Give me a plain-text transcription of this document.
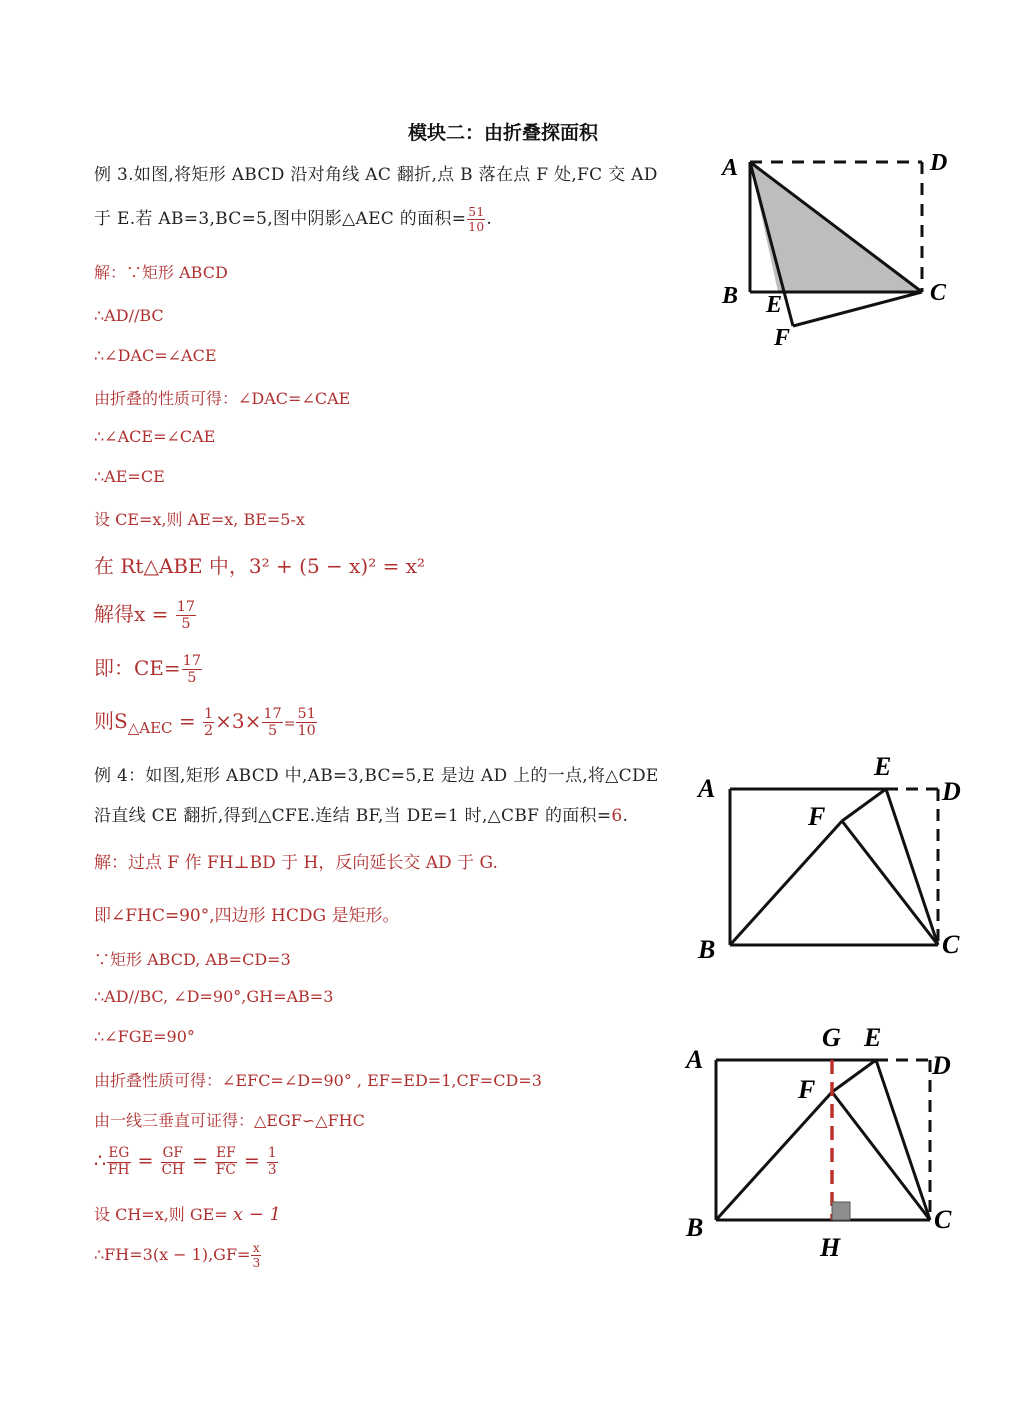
模块二：由折叠探面积
例 3.如图,将矩形 ABCD 沿对角线 AC 翻折,点 B 落在点 F 处,FC 交 AD
于 E.若 AB=3,BC=5,图中阴影△AEC 的面积= $\frac{51}{10}$ .
解：∵矩形 ABCD
∴AD//BC
∴∠DAC=∠ACE
由折叠的性质可得：∠DAC=∠CAE
∴∠ACE=∠CAE
∴AE=CE
设 CE=x,则 AE=x, BE=5-x
在 Rt△ABE 中，3² + (5 − x)² = x²
解得$x = \frac{17}{5}$
即：$CE= \frac{17}{5}$
则$S_{\triangle AEC} = \frac{1}{2} \times 3\times \frac{17}{5} = \frac{51}{10}$
A	D
B E	C
F
例 4：如图,矩形 ABCD 中,AB=3,BC=5,E 是边 AD 上的一点,将△CDE
沿直线 CE 翻折,得到△CFE.连结 BF,当 DE=1 时,△CBF 的面积=6.
解：过点 F 作 FH⊥BD 于 H，反向延长交 AD 于 G.
即∠FHC=90°,四边形 HCDG 是矩形。
∵矩形 ABCD, AB=CD=3
∴AD//BC, ∠D=90°,GH=AB=3
∴∠FGE=90°
由折叠性质可得：∠EFC=∠D=90° , EF=ED=1,CF=CD=3
由一线三垂直可证得：△EGF∽△FHC
∴ $\frac{EG}{FH} = \frac{GF}{CH} = \frac{EF}{FC} = \frac{1}{3}$
设 CH=x,则 GE= x − 1
∴FH=3(x − $1),GF= \frac{x}{3}$
A
E
D
F
B	C
G E
A	D
F
B	C
H
